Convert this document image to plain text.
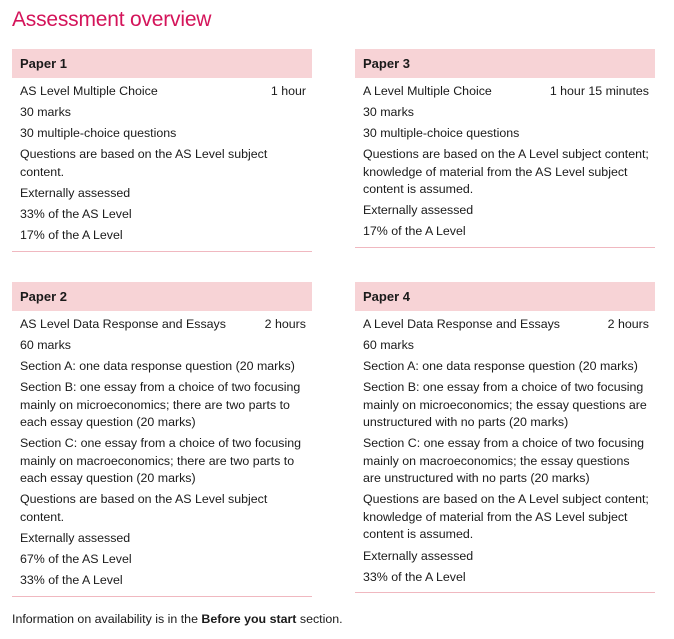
Assessment overview
Paper 1
AS Level Multiple Choice	1 hour
30 marks
30 multiple-choice questions
Questions are based on the AS Level subject content.
Externally assessed
33% of the AS Level
17% of the A Level
Paper 3
A Level Multiple Choice	1 hour 15 minutes
30 marks
30 multiple-choice questions
Questions are based on the A Level subject content; knowledge of material from the AS Level subject content is assumed.
Externally assessed
17% of the A Level
Paper 2
AS Level Data Response and Essays	2 hours
60 marks
Section A: one data response question (20 marks)
Section B: one essay from a choice of two focusing mainly on microeconomics; there are two parts to each essay question (20 marks)
Section C: one essay from a choice of two focusing mainly on macroeconomics; there are two parts to each essay question (20 marks)
Questions are based on the AS Level subject content.
Externally assessed
67% of the AS Level
33% of the A Level
Paper 4
A Level Data Response and Essays	2 hours
60 marks
Section A: one data response question (20 marks)
Section B: one essay from a choice of two focusing mainly on microeconomics; the essay questions are unstructured with no parts (20 marks)
Section C: one essay from a choice of two focusing mainly on macroeconomics; the essay questions are unstructured with no parts (20 marks)
Questions are based on the A Level subject content; knowledge of material from the AS Level subject content is assumed.
Externally assessed
33% of the A Level
Information on availability is in the Before you start section.
